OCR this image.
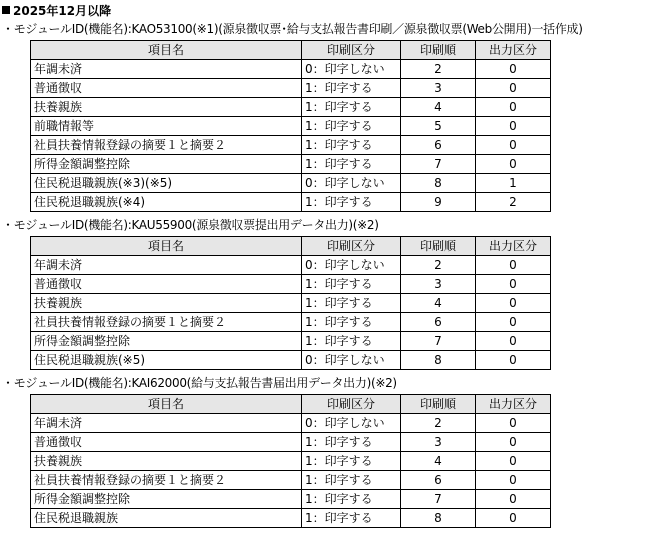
2025年12月以降
・モジュールID(機能名):KAO53100(※1)(源泉徴収票･給与支払報告書印刷／源泉徴収票(Web公開用)一括作成)
項目名	印刷区分	印刷順	出力区分
年調未済	0：印字しない	2	0
普通徴収	1：印字する	3	0
扶養親族	1：印字する	4	0
前職情報等	1：印字する	5	0
社員扶養情報登録の摘要１と摘要２	1：印字する	6	0
所得金額調整控除	1：印字する	7	0
住民税退職親族(※3)(※5)	0：印字しない	8	1
住民税退職親族(※4)	1：印字する	9	2
・モジュールID(機能名):KAU55900(源泉徴収票提出用データ出力)(※2)
項目名	印刷区分	印刷順	出力区分
年調未済	0：印字しない	2	0
普通徴収	1：印字する	3	0
扶養親族	1：印字する	4	0
社員扶養情報登録の摘要１と摘要２	1：印字する	6	0
所得金額調整控除	1：印字する	7	0
住民税退職親族(※5)	0：印字しない	8	0
・モジュールID(機能名):KAI62000(給与支払報告書届出用データ出力)(※2)
項目名	印刷区分	印刷順	出力区分
年調未済	0：印字しない	2	0
普通徴収	1：印字する	3	0
扶養親族	1：印字する	4	0
社員扶養情報登録の摘要１と摘要２	1：印字する	6	0
所得金額調整控除	1：印字する	7	0
住民税退職親族	1：印字する	8	0
